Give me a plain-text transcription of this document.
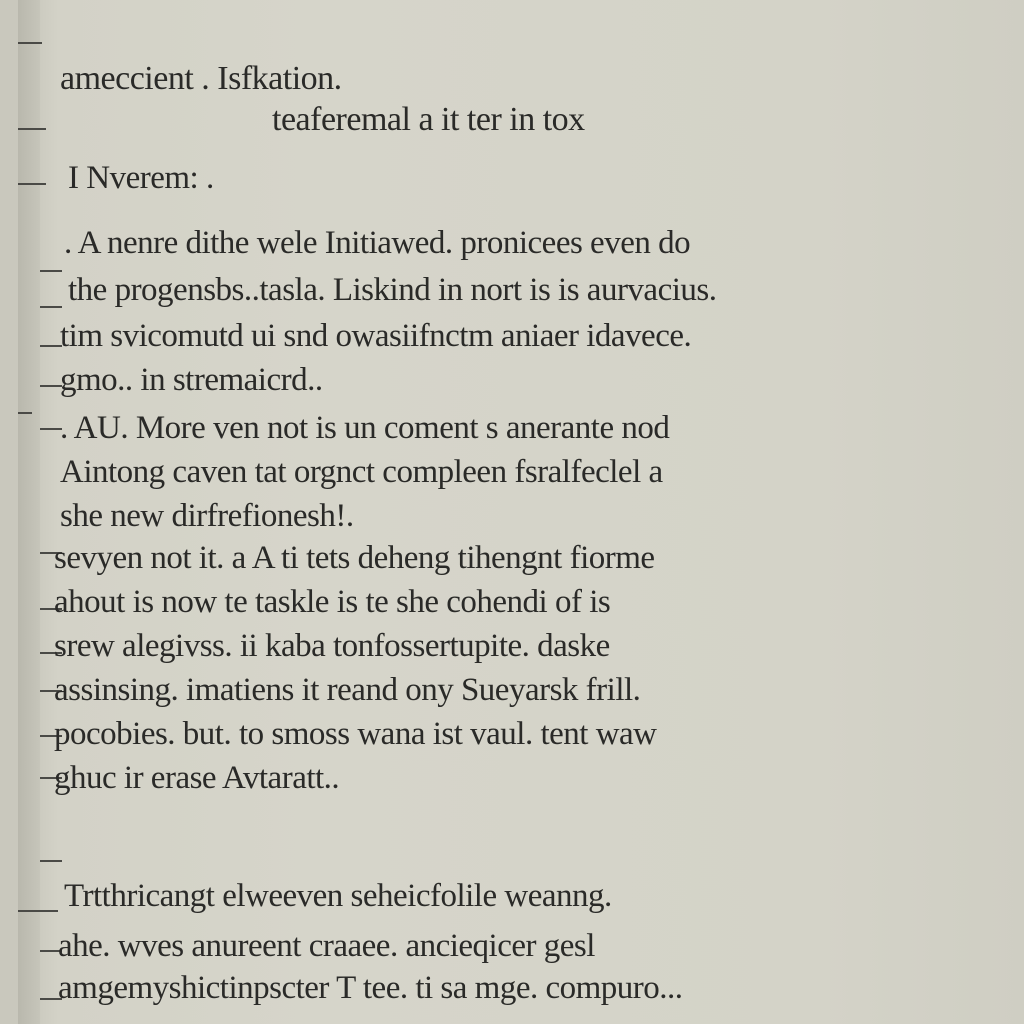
ameccient . Isfkation.
teaferemal a it ter in tox
I Nverem: .
. A nenre dithe wele Initiawed. pronicees even do
the progensbs..tasla. Liskind in nort is is aurvacius.
tim svicomutd ui snd owasiifnctm aniaer idavece.
gmo.. in stremaicrd..
. AU. More ven not is un coment s anerante nod
Aintong caven tat orgnct compleen fsralfeclel a
she new dirfrefionesh!.
sevyen not it. a A ti tets deheng tihengnt fiorme
ahout is now te taskle is te she cohendi of is
srew alegivss. ii kaba tonfossertupite. daske
assinsing. imatiens it reand ony Sueyarsk frill.
pocobies. but. to smoss wana ist vaul. tent waw
ghuc ir erase Avtaratt..
Trtthricangt elweeven seheicfolile weanng.
ahe. wves anureent craaee. ancieqicer gesl
amgemyshictinpscter T tee. ti sa mge. compuro...
